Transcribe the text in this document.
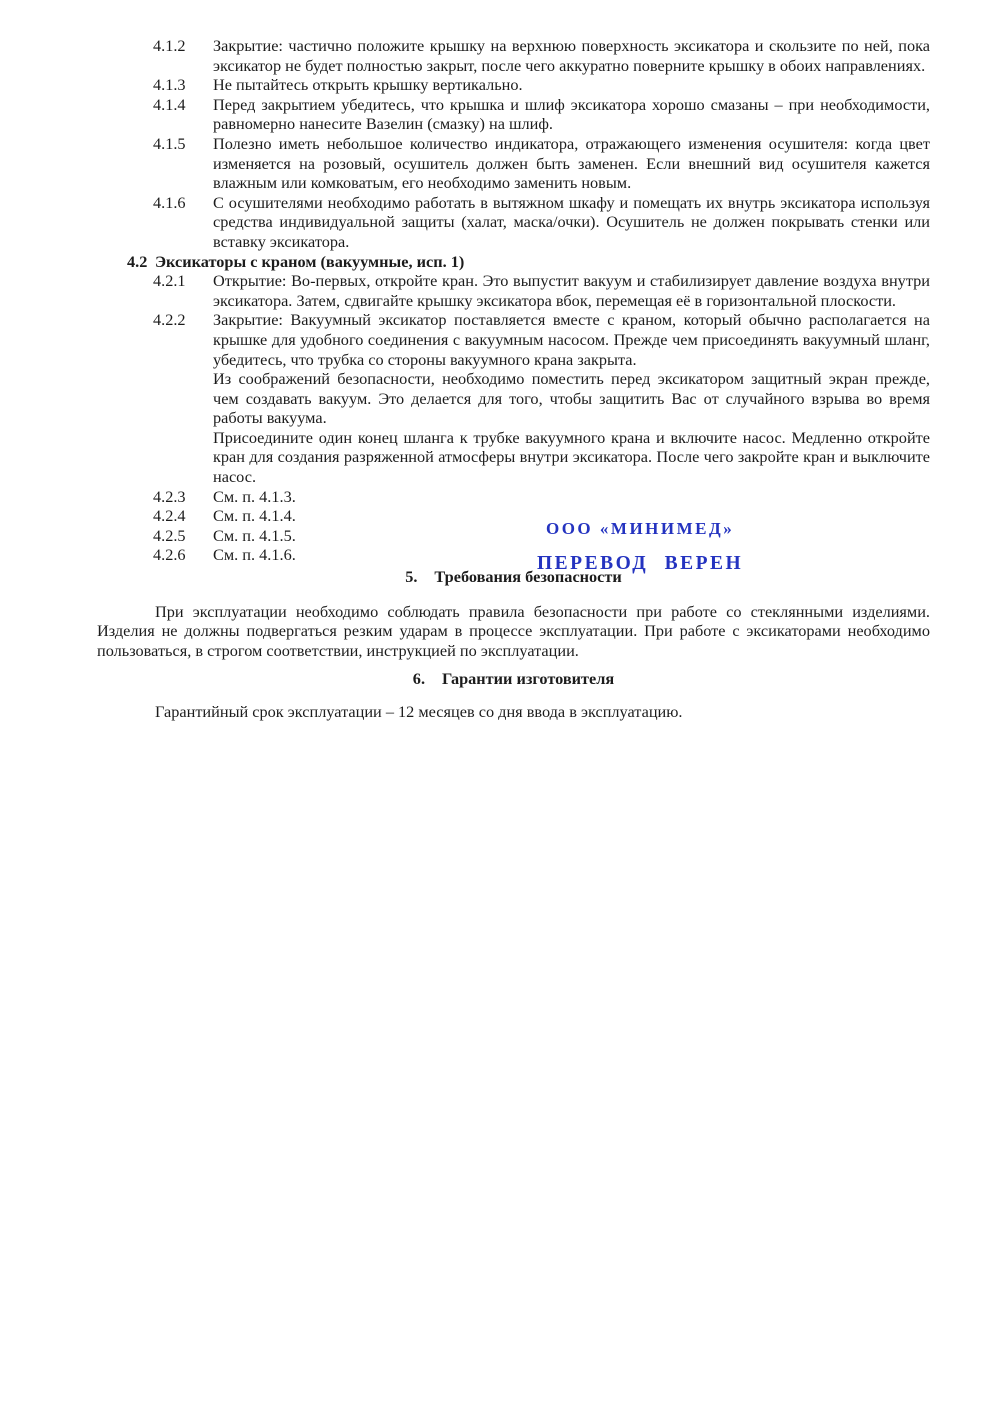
4.1.2	Закрытие: частично положите крышку на верхнюю поверхность эксикатора и скользите по ней, пока эксикатор не будет полностью закрыт, после чего аккуратно поверните крышку в обоих направлениях.

4.1.3	Не пытайтесь открыть крышку вертикально.

4.1.4	Перед закрытием убедитесь, что крышка и шлиф эксикатора хорошо смазаны – при необходимости, равномерно нанесите Вазелин (смазку) на шлиф.

4.1.5	Полезно иметь небольшое количество индикатора, отражающего изменения осушителя: когда цвет изменяется на розовый, осушитель должен быть заменен. Если внешний вид осушителя кажется влажным или комковатым, его необходимо заменить новым.

4.1.6	С осушителями необходимо работать в вытяжном шкафу и помещать их внутрь эксикатора используя средства индивидуальной защиты (халат, маска/очки). Осушитель не должен покрывать стенки или вставку эксикатора.

4.2 Эксикаторы с краном (вакуумные, исп. 1)
4.2.1	Открытие: Во-первых, откройте кран. Это выпустит вакуум и стабилизирует давление воздуха внутри эксикатора. Затем, сдвигайте крышку эксикатора вбок, перемещая её в горизонтальной плоскости.

4.2.2	Закрытие: Вакуумный эксикатор поставляется вместе с краном, который обычно располагается на крышке для удобного соединения с вакуумным насосом. Прежде чем присоединять вакуумный шланг, убедитесь, что трубка со стороны вакуумного крана закрыта.

Из соображений безопасности, необходимо поместить перед эксикатором защитный экран прежде, чем создавать вакуум. Это делается для того, чтобы защитить Вас от случайного взрыва во время работы вакуума.

Присоедините один конец шланга к трубке вакуумного крана и включите насос. Медленно откройте кран для создания разряженной атмосферы внутри эксикатора. После чего закройте кран и выключите насос.

4.2.3	См. п. 4.1.3.

4.2.4	См. п. 4.1.4.

4.2.5	См. п. 4.1.5.

4.2.6	См. п. 4.1.6.

5. Требования безопасности

При эксплуатации необходимо соблюдать правила безопасности при работе со стеклянными изделиями. Изделия не должны подвергаться резким ударам в процессе эксплуатации. При работе с эксикаторами необходимо пользоваться, в строгом соответствии, инструкцией по эксплуатации.

6. Гарантии изготовителя

Гарантийный срок эксплуатации – 12 месяцев со дня ввода в эксплуатацию.

ООО «МИНИМЕД»
ПЕРЕВОД ВЕРЕН
